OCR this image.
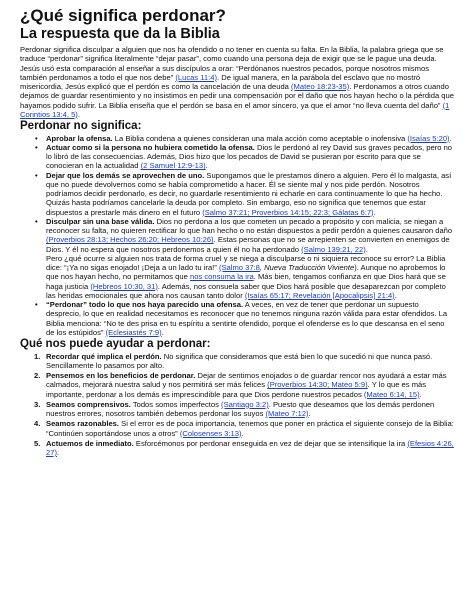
¿Qué significa perdonar?
La respuesta que da la Biblia

Perdonar significa disculpar a alguien que nos ha ofendido o no tener en cuenta su falta. En la Biblia, la palabra griega que se traduce “perdonar” significa literalmente “dejar pasar”, como cuando una persona deja de exigir que se le pague una deuda. Jesús usó esta comparación al enseñar a sus discípulos a orar: “Perdónanos nuestros pecados, porque nosotros mismos también perdonamos a todo el que nos debe” (Lucas 11:4). De igual manera, en la parábola del esclavo que no mostró misericordia, Jesús explicó que el perdón es como la cancelación de una deuda (Mateo 18:23-35). Perdonamos a otros cuando dejamos de guardar resentimiento y no insistimos en pedir una compensación por el daño que nos hayan hecho o la pérdida que hayamos podido sufrir. La Biblia enseña que el perdón se basa en el amor sincero, ya que el amor “no lleva cuenta del daño” (1 Corintios 13:4, 5).

Perdonar no significa:
• Aprobar la ofensa. La Biblia condena a quienes consideran una mala acción como aceptable o inofensiva (Isaías 5:20).
• Actuar como si la persona no hubiera cometido la ofensa. Dios le perdonó al rey David sus graves pecados, pero no lo libró de las consecuencias. Además, Dios hizo que los pecados de David se pusieran por escrito para que se conocieran en la actualidad (2 Samuel 12:9-13).
• Dejar que los demás se aprovechen de uno. Supongamos que le prestamos dinero a alguien. Pero él lo malgasta, así que no puede devolvernos como se había comprometido a hacer. Él se siente mal y nos pide perdón. Nosotros podríamos decidir perdonarlo, es decir, no guardarle resentimiento ni echarle en cara continuamente lo que ha hecho. Quizás hasta podríamos cancelarle la deuda por completo. Sin embargo, eso no significa que tenemos que estar dispuestos a prestarle más dinero en el futuro (Salmo 37:21; Proverbios 14:15; 22:3; Gálatas 6:7).
• Disculpar sin una base válida. Dios no perdona a los que cometen un pecado a propósito y con malicia, se niegan a reconocer su falta, no quieren rectificar lo que han hecho o no están dispuestos a pedir perdón a quienes causaron daño (Proverbios 28:13; Hechos 26:20; Hebreos 10:26). Estas personas que no se arrepienten se convierten en enemigos de Dios. Y él no espera que nosotros perdonemos a quien él no ha perdonado (Salmo 139:21, 22).
Pero ¿qué ocurre si alguien nos trata de forma cruel y se niega a disculparse o ni siquiera reconoce su error? La Biblia dice: “¡Ya no sigas enojado! ¡Deja a un lado tu ira!” (Salmo 37:8, Nueva Traducción Viviente). Aunque no aprobemos lo que nos hayan hecho, no permitamos que nos consuma la ira. Más bien, tengamos confianza en que Dios hará que se haga justicia (Hebreos 10:30, 31). Además, nos consuela saber que Dios hará posible que desaparezcan por completo las heridas emocionales que ahora nos causan tanto dolor (Isaías 65:17; Revelación [Apocalipsis] 21:4).
• “Perdonar” todo lo que nos haya parecido una ofensa. A veces, en vez de tener que perdonar un supuesto desprecio, lo que en realidad necesitamos es reconocer que no tenemos ninguna razón válida para estar ofendidos. La Biblia menciona: “No te des prisa en tu espíritu a sentirte ofendido, porque el ofenderse es lo que descansa en el seno de los estúpidos” (Eclesiastés 7:9).
Qué nos puede ayudar a perdonar:
1. Recordar qué implica el perdón. No significa que consideramos que está bien lo que sucedió ni que nunca pasó. Sencillamente lo pasamos por alto.
2. Pensemos en los beneficios de perdonar. Dejar de sentirnos enojados o de guardar rencor nos ayudará a estar más calmados, mejorará nuestra salud y nos permitirá ser más felices (Proverbios 14:30; Mateo 5:9). Y lo que es más importante, perdonar a los demás es imprescindible para que Dios perdone nuestros pecados (Mateo 6:14, 15).
3. Seamos comprensivos. Todos somos imperfectos (Santiago 3:2). Puesto que deseamos que los demás perdonen nuestros errores, nosotros también debemos perdonar los suyos (Mateo 7:12).
4. Seamos razonables. Si el error es de poca importancia, tenemos que poner en práctica el siguiente consejo de la Biblia: “Continúen soportándose unos a otros” (Colosenses 3:13).
5. Actuemos de inmediato. Esforcémonos por perdonar enseguida en vez de dejar que se intensifique la ira (Efesios 4:26, 27).
